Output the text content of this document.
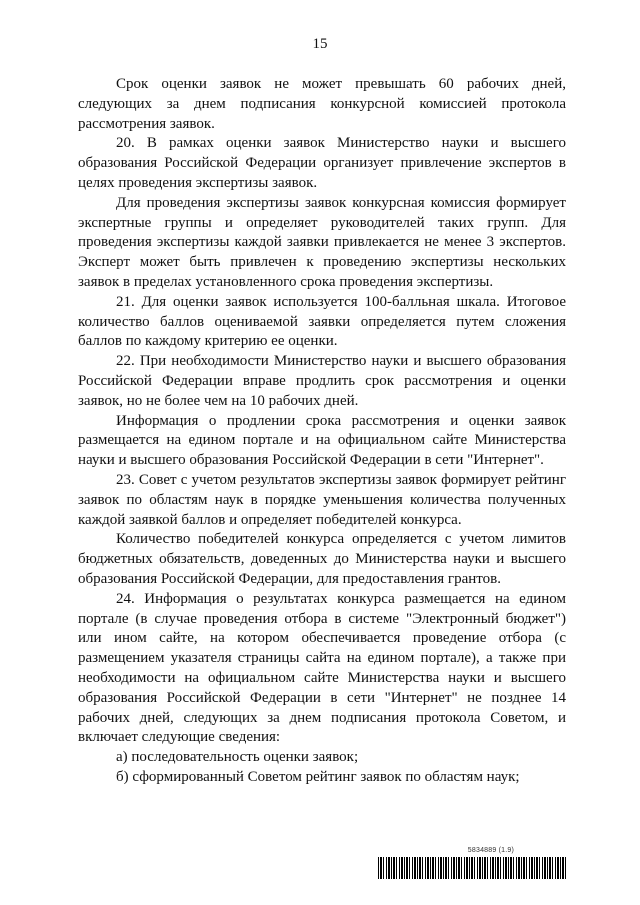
15

Срок оценки заявок не может превышать 60 рабочих дней, следующих за днем подписания конкурсной комиссией протокола рассмотрения заявок.

20. В рамках оценки заявок Министерство науки и высшего образования Российской Федерации организует привлечение экспертов в целях проведения экспертизы заявок.

Для проведения экспертизы заявок конкурсная комиссия формирует экспертные группы и определяет руководителей таких групп. Для проведения экспертизы каждой заявки привлекается не менее 3 экспертов. Эксперт может быть привлечен к проведению экспертизы нескольких заявок в пределах установленного срока проведения экспертизы.

21. Для оценки заявок используется 100-балльная шкала. Итоговое количество баллов оцениваемой заявки определяется путем сложения баллов по каждому критерию ее оценки.

22. При необходимости Министерство науки и высшего образования Российской Федерации вправе продлить срок рассмотрения и оценки заявок, но не более чем на 10 рабочих дней.

Информация о продлении срока рассмотрения и оценки заявок размещается на едином портале и на официальном сайте Министерства науки и высшего образования Российской Федерации в сети "Интернет".

23. Совет с учетом результатов экспертизы заявок формирует рейтинг заявок по областям наук в порядке уменьшения количества полученных каждой заявкой баллов и определяет победителей конкурса.

Количество победителей конкурса определяется с учетом лимитов бюджетных обязательств, доведенных до Министерства науки и высшего образования Российской Федерации, для предоставления грантов.

24. Информация о результатах конкурса размещается на едином портале (в случае проведения отбора в системе "Электронный бюджет") или ином сайте, на котором обеспечивается проведение отбора (с размещением указателя страницы сайта на едином портале), а также при необходимости на официальном сайте Министерства науки и высшего образования Российской Федерации в сети "Интернет" не позднее 14 рабочих дней, следующих за днем подписания протокола Советом, и включает следующие сведения:

а) последовательность оценки заявок;

б) сформированный Советом рейтинг заявок по областям наук;

5834889 (1.9)
